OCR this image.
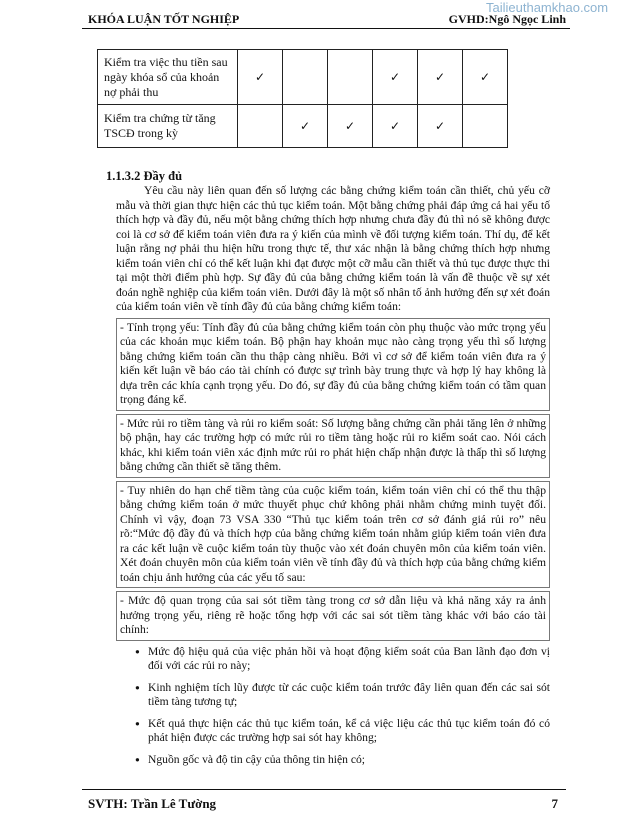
KHÓA LUẬN TỐT NGHIỆP	GVHD:Ngô Ngọc Linh
Tailieuthamkhao.com
Kiểm tra việc thu tiền sau ngày khóa sổ của khoản nợ phải thu	✓			✓	✓	✓
Kiểm tra chứng từ tăng TSCĐ trong kỳ		✓	✓	✓	✓	
1.1.3.2 Đầy đủ

Yêu cầu này liên quan đến số lượng các bằng chứng kiểm toán cần thiết, chủ yếu cỡ mẫu và thời gian thực hiện các thủ tục kiểm toán. Một bằng chứng phải đáp ứng cả hai yếu tố thích hợp và đầy đủ, nếu một bằng chứng thích hợp nhưng chưa đầy đủ thì nó sẽ không được coi là cơ sở để kiểm toán viên đưa ra ý kiến của mình về đối tượng kiểm toán. Thí dụ, để kết luận rằng nợ phải thu hiện hữu trong thực tế, thư xác nhận là bằng chứng thích hợp nhưng kiểm toán viên chỉ có thể kết luận khi đạt được một cỡ mẫu cần thiết và thủ tục được thực thi tại một thời điểm phù hợp. Sự đầy đủ của bằng chứng kiểm toán là vấn đề thuộc về sự xét đoán nghề nghiệp của kiểm toán viên. Dưới đây là một số nhân tố ảnh hưởng đến sự xét đoán của kiểm toán viên về tính đầy đủ của bằng chứng kiểm toán:

- Tính trọng yếu: Tính đầy đủ của bằng chứng kiểm toán còn phụ thuộc vào mức trọng yếu của các khoản mục kiểm toán. Bộ phận hay khoản mục nào càng trọng yếu thì số lượng bằng chứng kiểm toán cần thu thập càng nhiều. Bởi vì cơ sở để kiểm toán viên đưa ra ý kiến kết luận về báo cáo tài chính có được sự trình bày trung thực và hợp lý hay không là dựa trên các khía cạnh trọng yếu. Do đó, sự đầy đủ của bằng chứng kiểm toán có tầm quan trọng đáng kể.

- Mức rủi ro tiềm tàng và rủi ro kiểm soát: Số lượng bằng chứng cần phải tăng lên ở những bộ phận, hay các trường hợp có mức rủi ro tiềm tàng hoặc rủi ro kiểm soát cao. Nói cách khác, khi kiểm toán viên xác định mức rủi ro phát hiện chấp nhận được là thấp thì số lượng bằng chứng cần thiết sẽ tăng thêm.

- Tuy nhiên do hạn chế tiềm tàng của cuộc kiểm toán, kiểm toán viên chỉ có thể thu thập bằng chứng kiểm toán ở mức thuyết phục chứ không phải nhằm chứng minh tuyệt đối. Chính vì vậy, đoạn 73 VSA 330 “Thủ tục kiểm toán trên cơ sở đánh giá rủi ro” nêu rõ:“Mức độ đầy đủ và thích hợp của bằng chứng kiểm toán nhằm giúp kiểm toán viên đưa ra các kết luận về cuộc kiểm toán tùy thuộc vào xét đoán chuyên môn của kiểm toán viên. Xét đoán chuyên môn của kiểm toán viên về tính đầy đủ và thích hợp của bằng chứng kiểm toán chịu ảnh hưởng của các yếu tố sau:

- Mức độ quan trọng của sai sót tiềm tàng trong cơ sở dẫn liệu và khả năng xảy ra ảnh hưởng trọng yếu, riêng rẽ hoặc tổng hợp với các sai sót tiềm tàng khác với báo cáo tài chính:

• Mức độ hiệu quả của việc phản hồi và hoạt động kiểm soát của Ban lãnh đạo đơn vị đối với các rủi ro này;
• Kinh nghiệm tích lũy được từ các cuộc kiểm toán trước đây liên quan đến các sai sót tiềm tàng tương tự;
• Kết quả thực hiện các thủ tục kiểm toán, kể cả việc liệu các thủ tục kiểm toán đó có phát hiện được các trường hợp sai sót hay không;
• Nguồn gốc và độ tin cậy của thông tin hiện có;
SVTH: Trần Lê Tường	7
